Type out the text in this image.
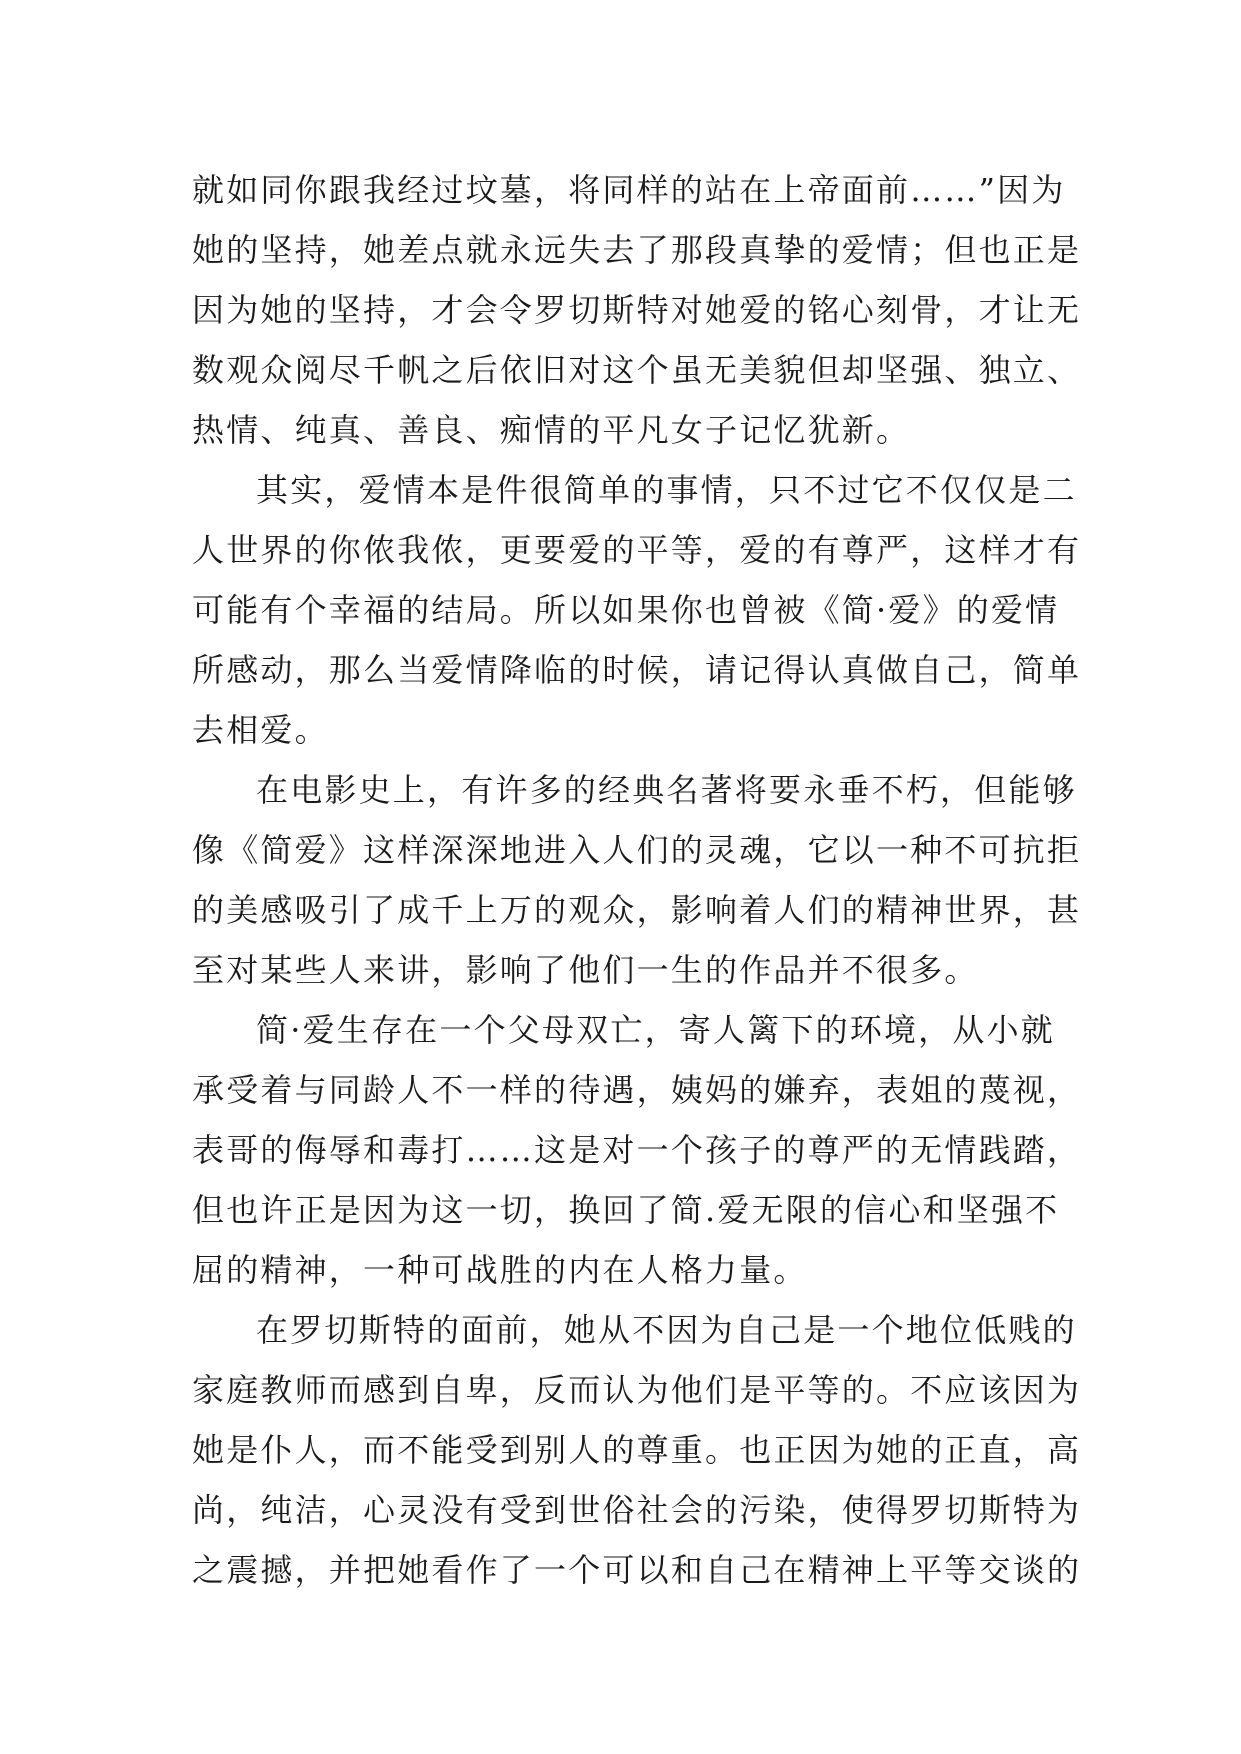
就如同你跟我经过坟墓，将同样的站在上帝面前……”因为
她的坚持，她差点就永远失去了那段真挚的爱情；但也正是
因为她的坚持，才会令罗切斯特对她爱的铭心刻骨，才让无
数观众阅尽千帆之后依旧对这个虽无美貌但却坚强、独立、
热情、纯真、善良、痴情的平凡女子记忆犹新。
其实，爱情本是件很简单的事情，只不过它不仅仅是二
人世界的你侬我侬，更要爱的平等，爱的有尊严，这样才有
可能有个幸福的结局。所以如果你也曾被《简·爱》的爱情
所感动，那么当爱情降临的时候，请记得认真做自己，简单
去相爱。
在电影史上，有许多的经典名著将要永垂不朽，但能够
像《简爱》这样深深地进入人们的灵魂，它以一种不可抗拒
的美感吸引了成千上万的观众，影响着人们的精神世界，甚
至对某些人来讲，影响了他们一生的作品并不很多。
简·爱生存在一个父母双亡，寄人篱下的环境，从小就
承受着与同龄人不一样的待遇，姨妈的嫌弃，表姐的蔑视，
表哥的侮辱和毒打……这是对一个孩子的尊严的无情践踏，
但也许正是因为这一切，换回了简.爱无限的信心和坚强不
屈的精神，一种可战胜的内在人格力量。
在罗切斯特的面前，她从不因为自己是一个地位低贱的
家庭教师而感到自卑，反而认为他们是平等的。不应该因为
她是仆人，而不能受到别人的尊重。也正因为她的正直，高
尚，纯洁，心灵没有受到世俗社会的污染，使得罗切斯特为
之震撼，并把她看作了一个可以和自己在精神上平等交谈的
